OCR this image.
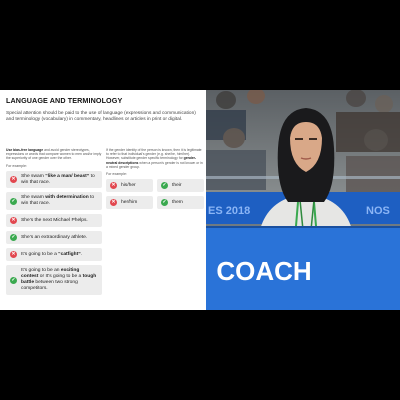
LANGUAGE AND TERMINOLOGY
Special attention should be paid to the use of language (expressions and communication) and terminology (vocabulary) in commentary, headlines or articles in print or digital.
Use bias-free language and avoid gender stereotypes, expressions or words that compare women to men and/or imply the superiority of one gender over the other.
For example:
✕ She swam “like a man/ beast” to win that race.
✓ She swam with determination to win that race.
✕ She’s the next Michael Phelps.
✓ She’s an extraordinary athlete.
✕ It’s going to be a “catfight”.
✓
It’s going to be an exciting contest or It’s going to be a tough battle between two strong competitors.
If the gender identity of the person is known, then it is legitimate to refer to that individual’s gender (e.g. she/he, him/her). However, substitute gender specific terminology for gender-neutral descriptions when a person’s gender is not known or in a mixed gender group.
For example:
✕ his/her	✓ their
✕ her/him	✓ them
ES 2018	NOS
COACH
